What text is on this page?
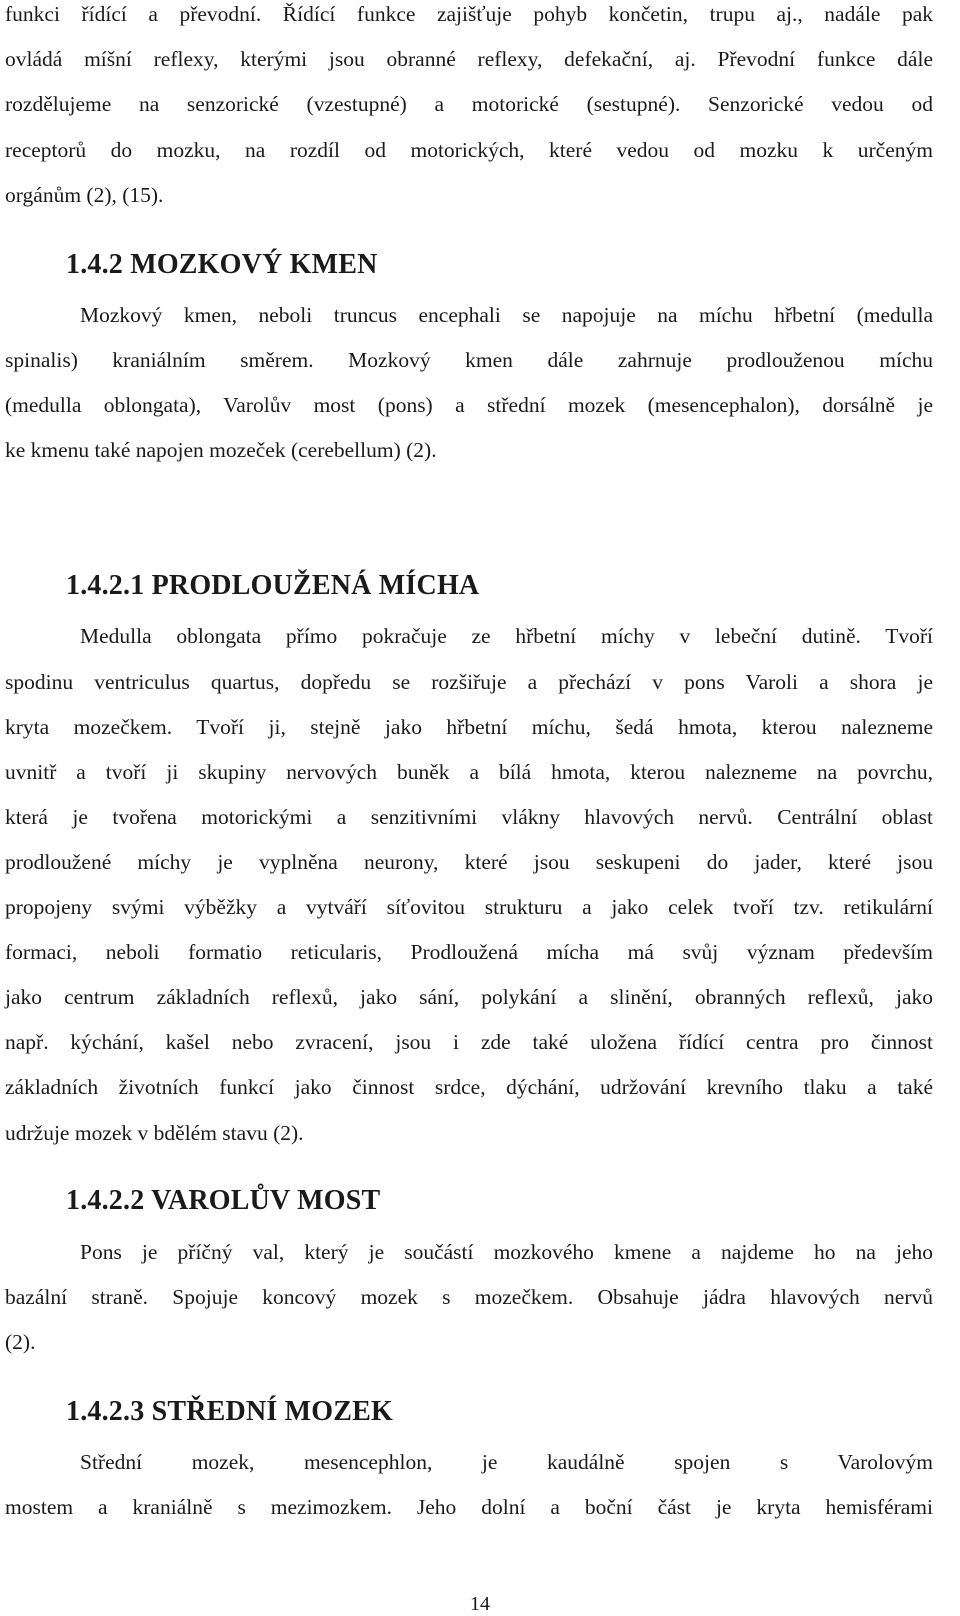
funkci řídící a převodní. Řídící funkce zajišťuje pohyb končetin, trupu aj., nadále pak
ovládá míšní reflexy, kterými jsou obranné reflexy, defekační, aj. Převodní funkce dále
rozdělujeme na senzorické (vzestupné) a motorické (sestupné). Senzorické vedou od
receptorů do mozku, na rozdíl od motorických, které vedou od mozku k určeným
orgánům (2), (15).
1.4.2 MOZKOVÝ KMEN
Mozkový kmen, neboli truncus encephali se napojuje na míchu hřbetní (medulla
spinalis) kraniálním směrem. Mozkový kmen dále zahrnuje prodlouženou míchu
(medulla oblongata), Varolův most (pons) a střední mozek (mesencephalon), dorsálně je
ke kmenu také napojen mozeček (cerebellum) (2).
1.4.2.1 PRODLOUŽENÁ MÍCHA
Medulla oblongata přímo pokračuje ze hřbetní míchy v lebeční dutině. Tvoří
spodinu ventriculus quartus, dopředu se rozšiřuje a přechází v pons Varoli a shora je
kryta mozečkem. Tvoří ji, stejně jako hřbetní míchu, šedá hmota, kterou nalezneme
uvnitř a tvoří ji skupiny nervových buněk a bílá hmota, kterou nalezneme na povrchu,
která je tvořena motorickými a senzitivními vlákny hlavových nervů. Centrální oblast
prodloužené míchy je vyplněna neurony, které jsou seskupeni do jader, které jsou
propojeny svými výběžky a vytváří síťovitou strukturu a jako celek tvoří tzv. retikulární
formaci, neboli formatio reticularis, Prodloužená mícha má svůj význam především
jako centrum základních reflexů, jako sání, polykání a slinění, obranných reflexů, jako
např. kýchání, kašel nebo zvracení, jsou i zde také uložena řídící centra pro činnost
základních životních funkcí jako činnost srdce, dýchání, udržování krevního tlaku a také
udržuje mozek v bdělém stavu (2).
1.4.2.2 VAROLŮV MOST
Pons je příčný val, který je součástí mozkového kmene a najdeme ho na jeho
bazální straně. Spojuje koncový mozek s mozečkem. Obsahuje jádra hlavových nervů
(2).
1.4.2.3 STŘEDNÍ MOZEK
Střední mozek, mesencephlon, je kaudálně spojen s Varolovým
mostem a kraniálně s mezimozkem. Jeho dolní a boční část je kryta hemisférami
14
